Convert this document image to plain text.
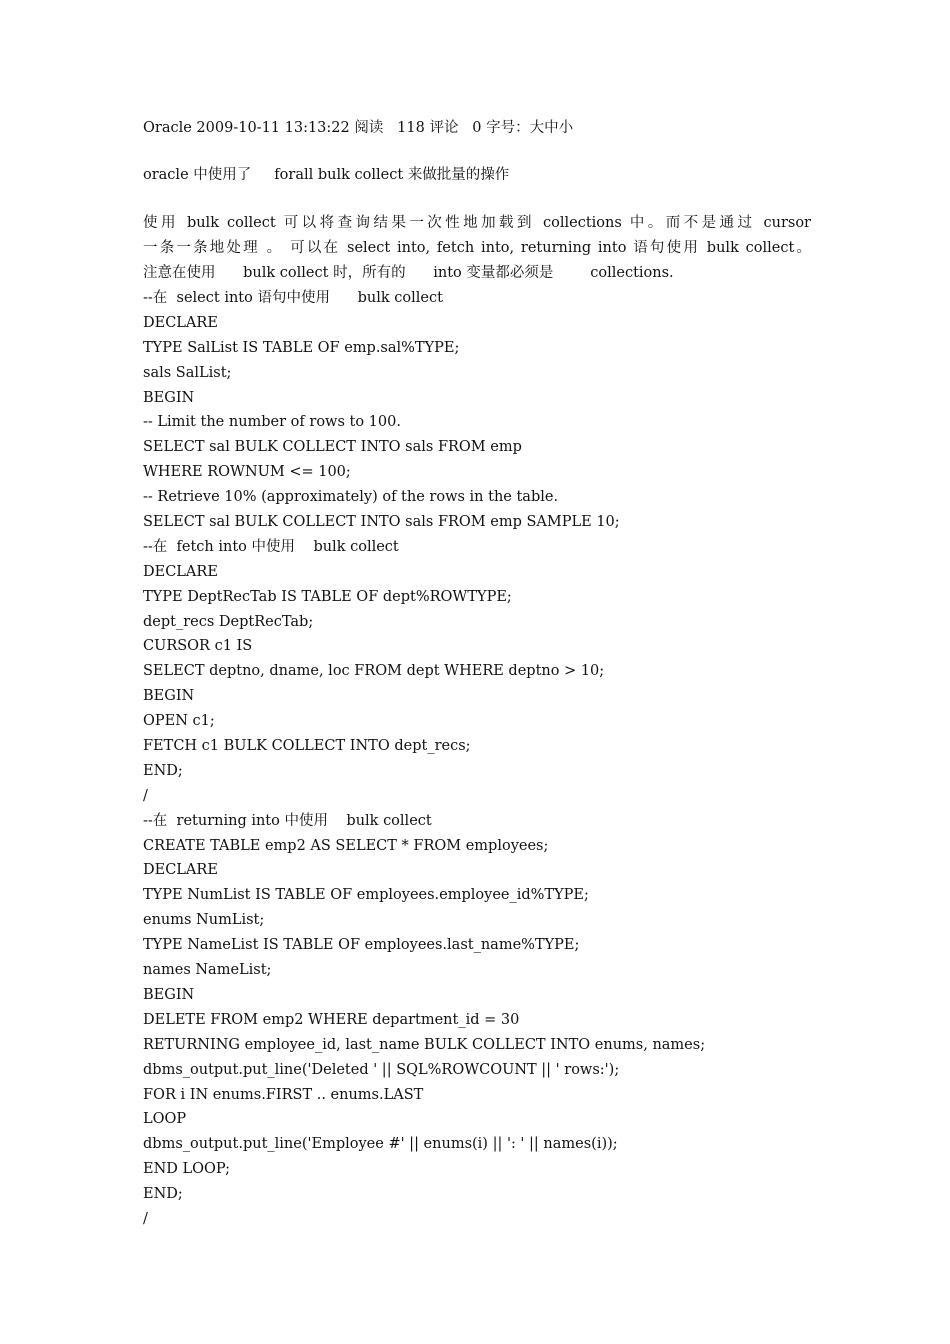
Oracle 2009-10-11 13:13:22 阅读   118 评论   0 字号：大中小
oracle 中使用了     forall bulk collect 来做批量的操作
使用 bulk collect 可以将查询结果一次性地加载到 collections 中。而不是通过 cursor
一条一条地处理 。 可以在 select into, fetch into, returning into 语句使用 bulk collect。
注意在使用      bulk collect 时，所有的      into 变量都必须是        collections.
--在  select into 语句中使用      bulk collect
DECLARE
TYPE SalList IS TABLE OF emp.sal%TYPE;
sals SalList;
BEGIN
-- Limit the number of rows to 100.
SELECT sal BULK COLLECT INTO sals FROM emp
WHERE ROWNUM <= 100;
-- Retrieve 10% (approximately) of the rows in the table.
SELECT sal BULK COLLECT INTO sals FROM emp SAMPLE 10;
--在  fetch into 中使用    bulk collect
DECLARE
TYPE DeptRecTab IS TABLE OF dept%ROWTYPE;
dept_recs DeptRecTab;
CURSOR c1 IS
SELECT deptno, dname, loc FROM dept WHERE deptno > 10;
BEGIN
OPEN c1;
FETCH c1 BULK COLLECT INTO dept_recs;
END;
/
--在  returning into 中使用    bulk collect
CREATE TABLE emp2 AS SELECT * FROM employees;
DECLARE
TYPE NumList IS TABLE OF employees.employee_id%TYPE;
enums NumList;
TYPE NameList IS TABLE OF employees.last_name%TYPE;
names NameList;
BEGIN
DELETE FROM emp2 WHERE department_id = 30
RETURNING employee_id, last_name BULK COLLECT INTO enums, names;
dbms_output.put_line('Deleted ' || SQL%ROWCOUNT || ' rows:');
FOR i IN enums.FIRST .. enums.LAST
LOOP
dbms_output.put_line('Employee #' || enums(i) || ': ' || names(i));
END LOOP;
END;
/
